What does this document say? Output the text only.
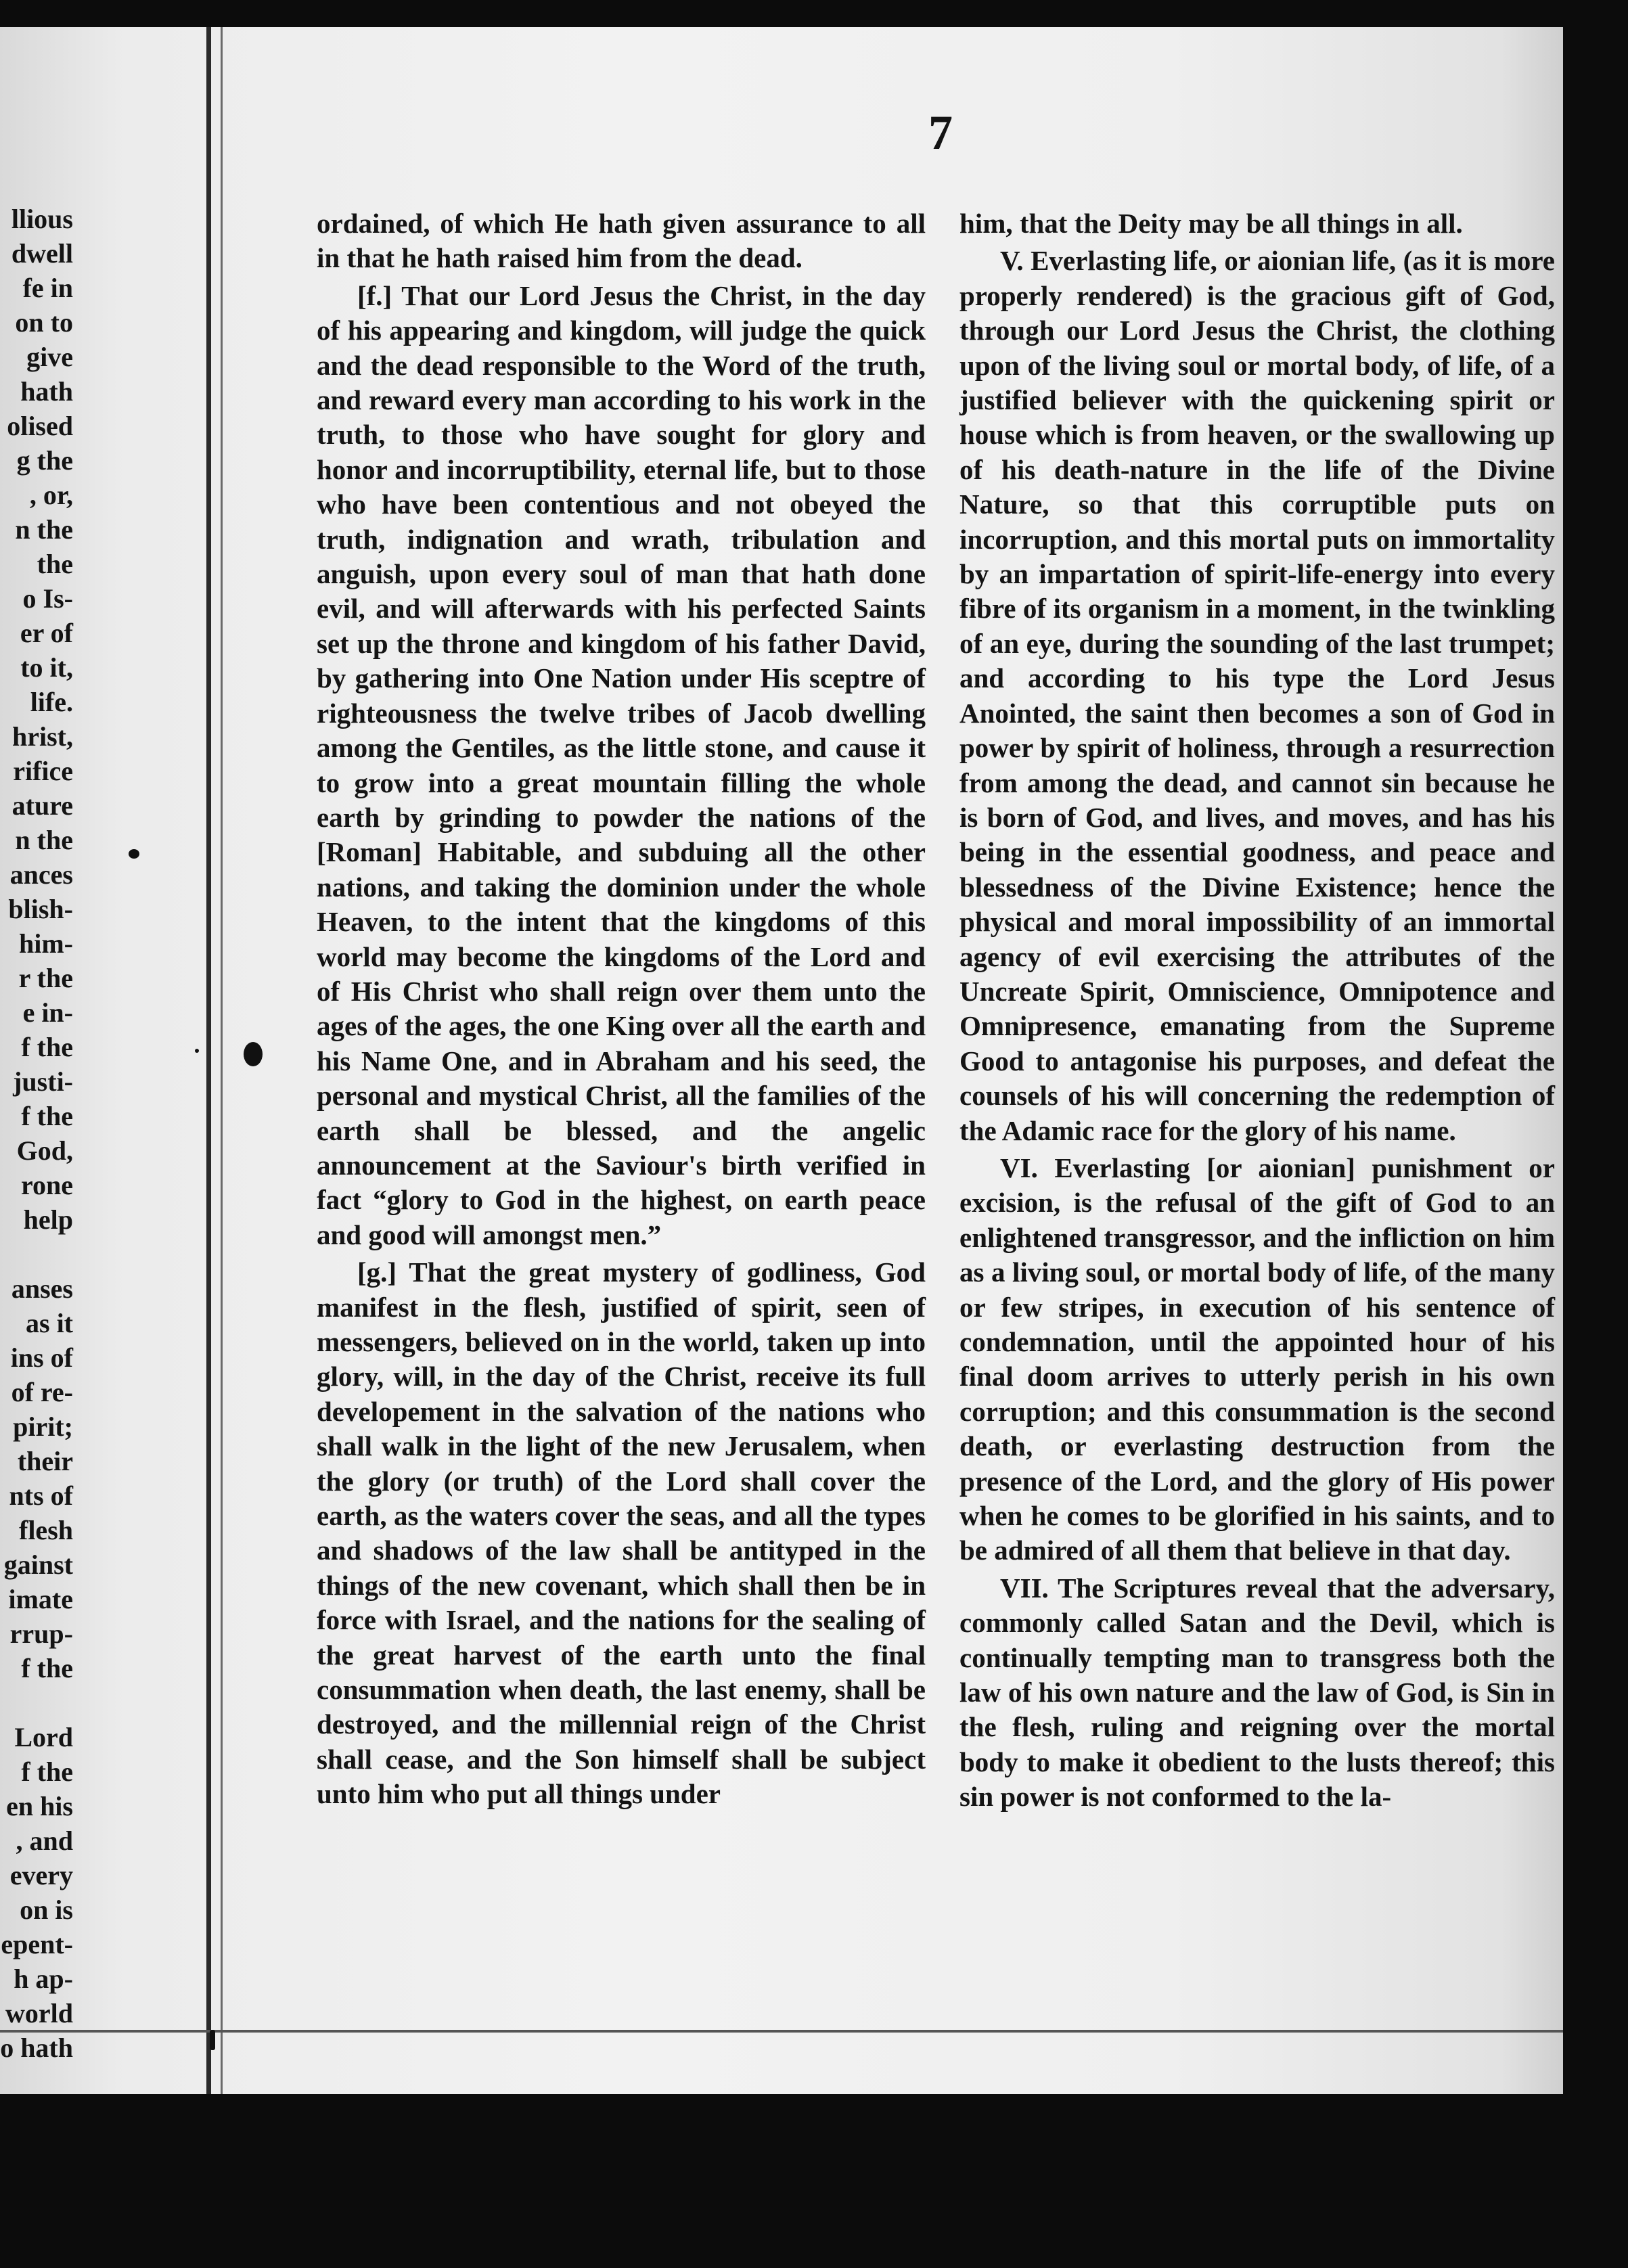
7
llious
dwell
fe in
on to
give
hath
olised
g the
, or,
n the
the
o Is-
er of
to it,
life.
hrist,
rifice
ature
n the
ances
blish-
him-
r the
e in-
f the
justi-
f the
God,
rone
help

anses
as it
ins of
of re-
pirit;
their
nts of
flesh
gainst
imate
rrup-
f the

Lord
f the
en his
, and
every
on is
epent-
h ap-
world
o hath

ordained, of which He hath given assurance to all in that he hath raised him from the dead.

[f.] That our Lord Jesus the Christ, in the day of his appearing and kingdom, will judge the quick and the dead responsible to the Word of the truth, and reward every man according to his work in the truth, to those who have sought for glory and honor and incorruptibility, eternal life, but to those who have been contentious and not obeyed the truth, indignation and wrath, tribulation and anguish, upon every soul of man that hath done evil, and will afterwards with his perfected Saints set up the throne and kingdom of his father David, by gathering into One Nation under His sceptre of righteousness the twelve tribes of Jacob dwelling among the Gentiles, as the little stone, and cause it to grow into a great mountain filling the whole earth by grinding to powder the nations of the [Roman] Habitable, and subduing all the other nations, and taking the dominion under the whole Heaven, to the intent that the kingdoms of this world may become the kingdoms of the Lord and of His Christ who shall reign over them unto the ages of the ages, the one King over all the earth and his Name One, and in Abraham and his seed, the personal and mystical Christ, all the families of the earth shall be blessed, and the angelic announcement at the Saviour's birth verified in fact “glory to God in the highest, on earth peace and good will amongst men.”

[g.] That the great mystery of godliness, God manifest in the flesh, justified of spirit, seen of messengers, believed on in the world, taken up into glory, will, in the day of the Christ, receive its full developement in the salvation of the nations who shall walk in the light of the new Jerusalem, when the glory (or truth) of the Lord shall cover the earth, as the waters cover the seas, and all the types and shadows of the law shall be antityped in the things of the new covenant, which shall then be in force with Israel, and the nations for the sealing of the great harvest of the earth unto the final consummation when death, the last enemy, shall be destroyed, and the millennial reign of the Christ shall cease, and the Son himself shall be subject unto him who put all things under

him, that the Deity may be all things in all.

V. Everlasting life, or aionian life, (as it is more properly rendered) is the gracious gift of God, through our Lord Jesus the Christ, the clothing upon of the living soul or mortal body, of life, of a justified believer with the quickening spirit or house which is from heaven, or the swallowing up of his death-nature in the life of the Divine Nature, so that this corruptible puts on incorruption, and this mortal puts on immortality by an impartation of spirit-life-energy into every fibre of its organism in a moment, in the twinkling of an eye, during the sounding of the last trumpet; and according to his type the Lord Jesus Anointed, the saint then becomes a son of God in power by spirit of holiness, through a resurrection from among the dead, and cannot sin because he is born of God, and lives, and moves, and has his being in the essential goodness, and peace and blessedness of the Divine Existence; hence the physical and moral impossibility of an immortal agency of evil exercising the attributes of the Uncreate Spirit, Omniscience, Omnipotence and Omnipresence, emanating from the Supreme Good to antagonise his purposes, and defeat the counsels of his will concerning the redemption of the Adamic race for the glory of his name.

VI. Everlasting [or aionian] punishment or excision, is the refusal of the gift of God to an enlightened transgressor, and the infliction on him as a living soul, or mortal body of life, of the many or few stripes, in execution of his sentence of condemnation, until the appointed hour of his final doom arrives to utterly perish in his own corruption; and this consummation is the second death, or everlasting destruction from the presence of the Lord, and the glory of His power when he comes to be glorified in his saints, and to be admired of all them that believe in that day.

VII. The Scriptures reveal that the adversary, commonly called Satan and the Devil, which is continually tempting man to transgress both the law of his own nature and the law of God, is Sin in the flesh, ruling and reigning over the mortal body to make it obedient to the lusts thereof; this sin power is not conformed to the la-
